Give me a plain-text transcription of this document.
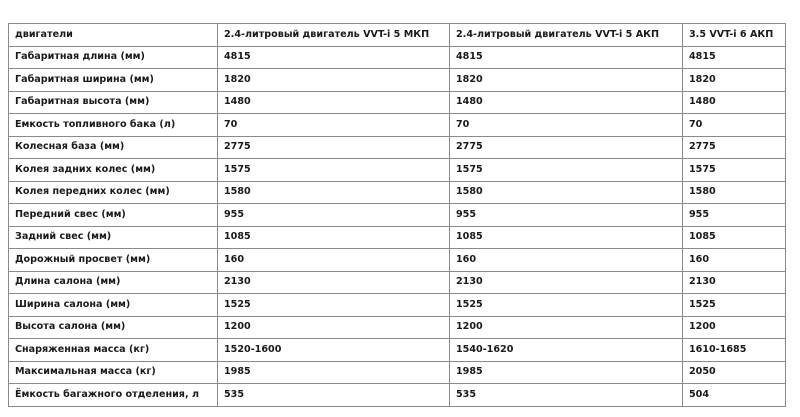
двигатели	2.4-литровый двигатель VVT-i 5 МКП	2.4-литровый двигатель VVT-i 5 АКП	3.5 VVT-i 6 АКП
Габаритная длина (мм)	4815	4815	4815
Габаритная ширина (мм)	1820	1820	1820
Габаритная высота (мм)	1480	1480	1480
Емкость топливного бака (л)	70	70	70
Колесная база (мм)	2775	2775	2775
Колея задних колес (мм)	1575	1575	1575
Колея передних колес (мм)	1580	1580	1580
Передний свес (мм)	955	955	955
Задний свес (мм)	1085	1085	1085
Дорожный просвет (мм)	160	160	160
Длина салона (мм)	2130	2130	2130
Ширина салона (мм)	1525	1525	1525
Высота салона (мм)	1200	1200	1200
Снаряженная масса (кг)	1520-1600	1540-1620	1610-1685
Максимальная масса (кг)	1985	1985	2050
Ёмкость багажного отделения, л	535	535	504
